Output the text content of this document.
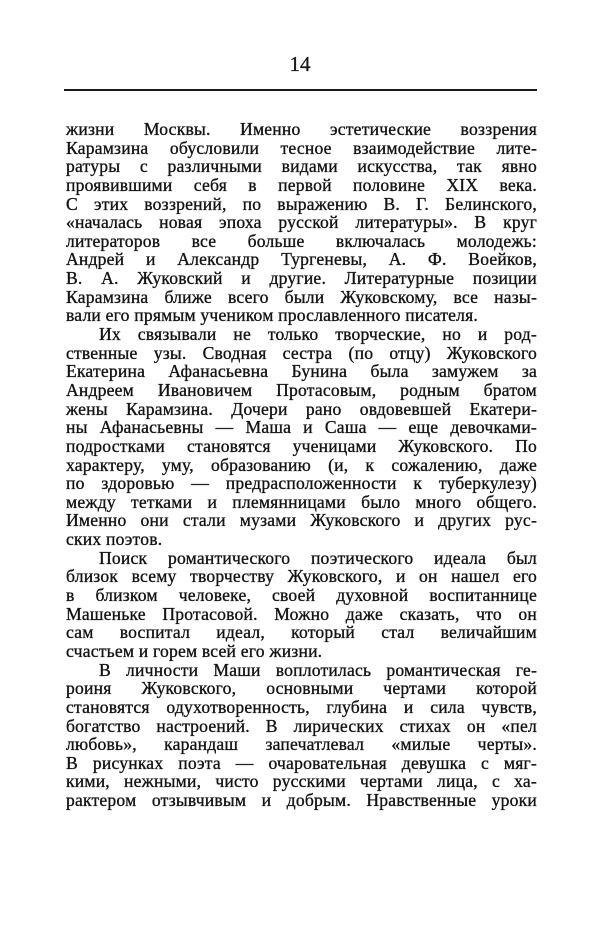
14
жизни Москвы. Именно эстетические воззрения
Карамзина обусловили тесное взаимодействие лите-
ратуры с различными видами искусства, так явно
проявившими себя в первой половине XIX века.
С этих воззрений, по выражению В. Г. Белинского,
«началась новая эпоха русской литературы». В круг
литераторов все больше включалась молодежь:
Андрей и Александр Тургеневы, А. Ф. Воейков,
В. А. Жуковский и другие. Литературные позиции
Карамзина ближе всего были Жуковскому, все назы-
вали его прямым учеником прославленного писателя.
Их связывали не только творческие, но и род-
ственные узы. Сводная сестра (по отцу) Жуковского
Екатерина Афанасьевна Бунина была замужем за
Андреем Ивановичем Протасовым, родным братом
жены Карамзина. Дочери рано овдовевшей Екатери-
ны Афанасьевны — Маша и Саша — еще девочками-
подростками становятся ученицами Жуковского. По
характеру, уму, образованию (и, к сожалению, даже
по здоровью — предрасположенности к туберкулезу)
между тетками и племянницами было много общего.
Именно они стали музами Жуковского и других рус-
ских поэтов.
Поиск романтического поэтического идеала был
близок всему творчеству Жуковского, и он нашел его
в близком человеке, своей духовной воспитаннице
Машеньке Протасовой. Можно даже сказать, что он
сам воспитал идеал, который стал величайшим
счастьем и горем всей его жизни.
В личности Маши воплотилась романтическая ге-
роиня Жуковского, основными чертами которой
становятся одухотворенность, глубина и сила чувств,
богатство настроений. В лирических стихах он «пел
любовь», карандаш запечатлевал «милые черты».
В рисунках поэта — очаровательная девушка с мяг-
кими, нежными, чисто русскими чертами лица, с ха-
рактером отзывчивым и добрым. Нравственные уроки
